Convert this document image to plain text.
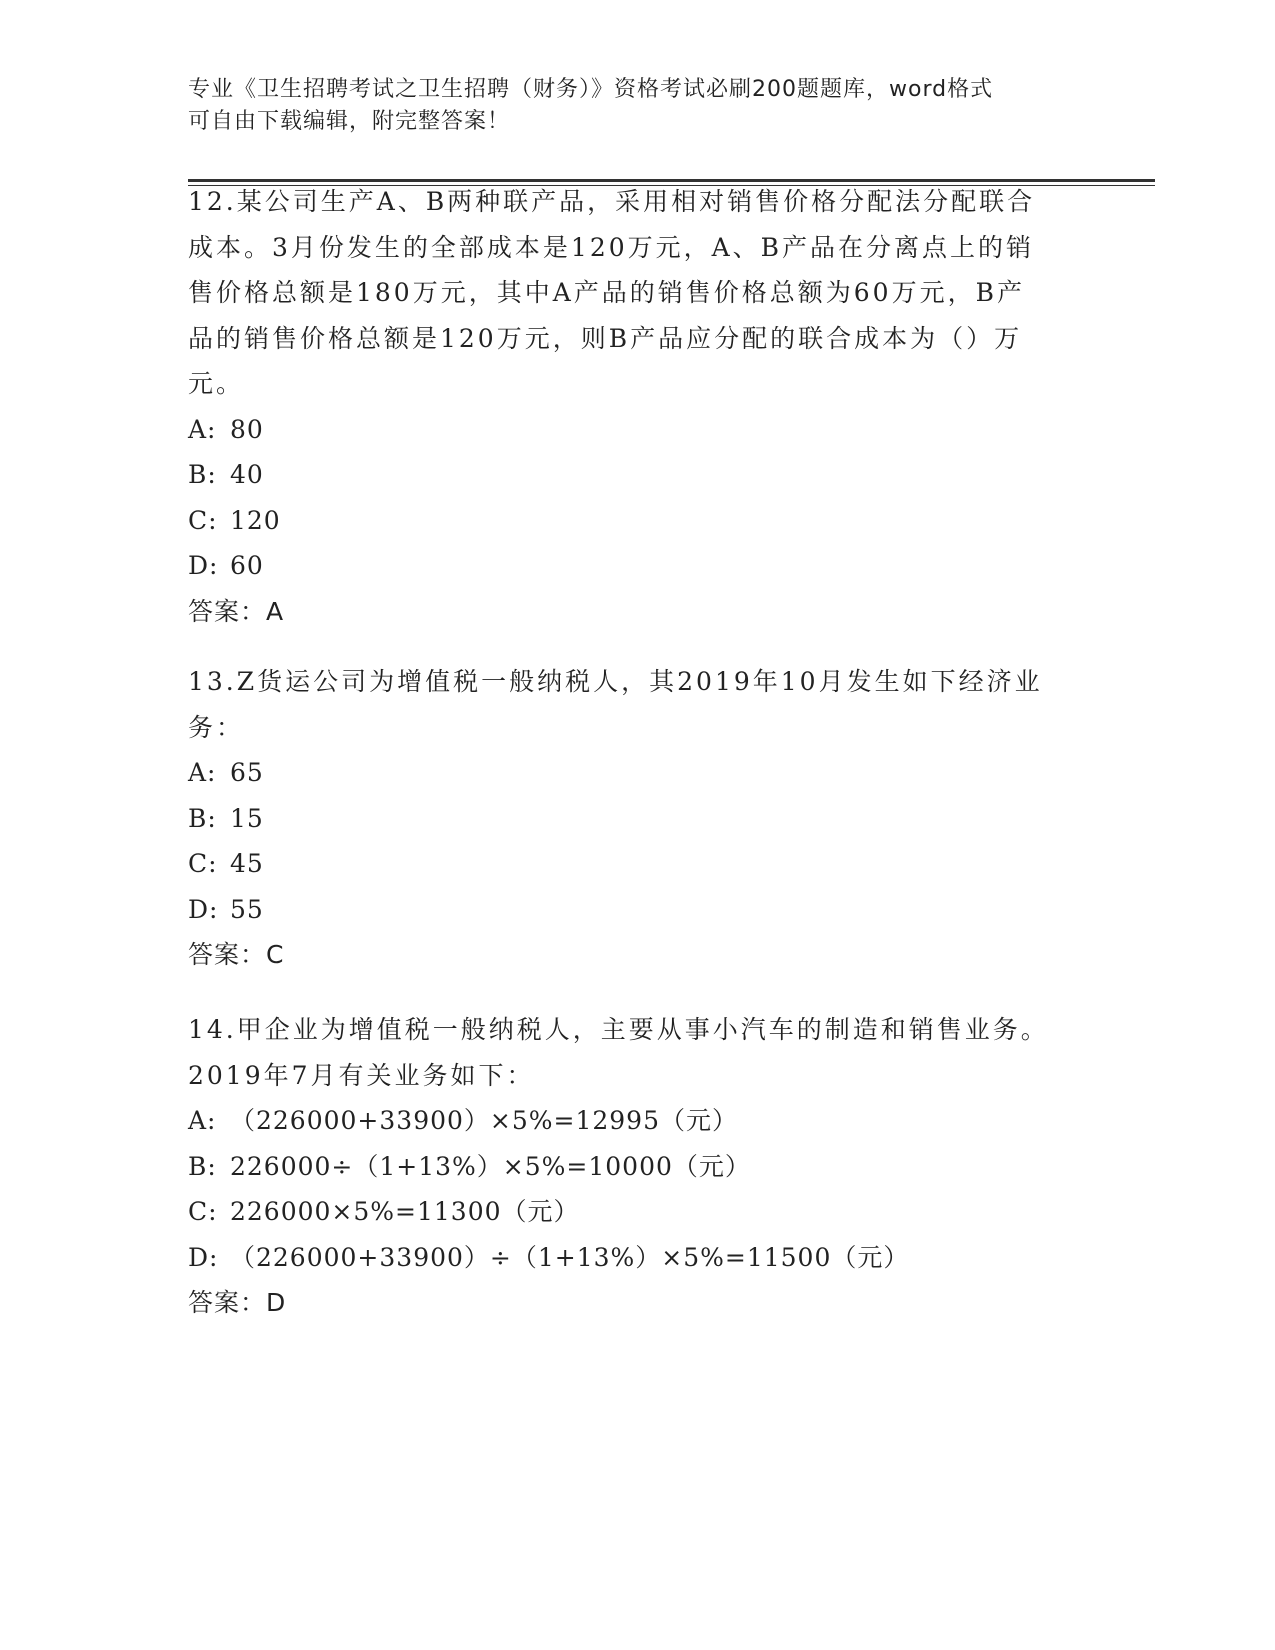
专业《卫生招聘考试之卫生招聘（财务）》资格考试必刷200题题库，word格式
可自由下载编辑，附完整答案！
12.某公司生产A、B两种联产品，采用相对销售价格分配法分配联合
成本。3月份发生的全部成本是120万元，A、B产品在分离点上的销
售价格总额是180万元，其中A产品的销售价格总额为60万元，B产
品的销售价格总额是120万元，则B产品应分配的联合成本为（）万
元。
A: 80
B: 40
C: 120
D: 60
答案：A
13.Z货运公司为增值税一般纳税人，其2019年10月发生如下经济业
务：
A: 65
B: 15
C: 45
D: 55
答案：C
14.甲企业为增值税一般纳税人，主要从事小汽车的制造和销售业务。
2019年7月有关业务如下：
A: （226000+33900）×5%=12995（元）
B: 226000÷（1+13%）×5%=10000（元）
C: 226000×5%=11300（元）
D: （226000+33900）÷（1+13%）×5%=11500（元）
答案：D
